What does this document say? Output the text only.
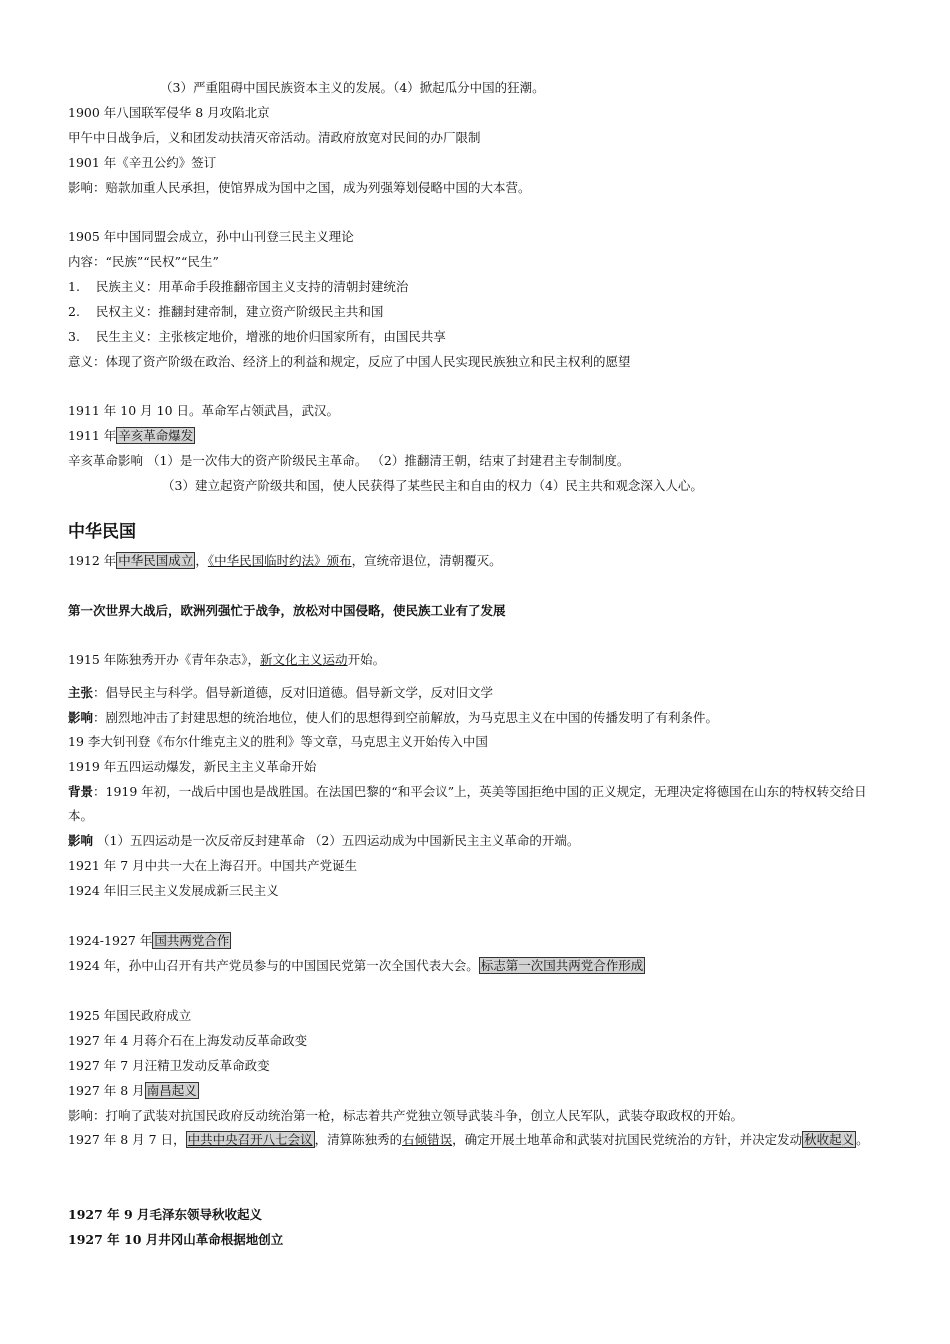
（3）严重阻碍中国民族资本主义的发展。（4）掀起瓜分中国的狂潮。
1900 年八国联军侵华 8 月攻陷北京
甲午中日战争后，义和团发动扶清灭帝活动。清政府放宽对民间的办厂限制
1901 年《辛丑公约》签订
影响：赔款加重人民承担，使馆界成为国中之国，成为列强筹划侵略中国的大本营。
1905 年中国同盟会成立，孙中山刊登三民主义理论
内容：“民族”“民权”“民生”
1.    民族主义：用革命手段推翻帝国主义支持的清朝封建统治
2.    民权主义：推翻封建帝制，建立资产阶级民主共和国
3.    民生主义：主张核定地价，增涨的地价归国家所有，由国民共享
意义：体现了资产阶级在政治、经济上的利益和规定，反应了中国人民实现民族独立和民主权利的愿望
1911 年 10 月 10 日。革命军占领武昌，武汉。
1911 年 辛亥革命爆发
辛亥革命影响 （1）是一次伟大的资产阶级民主革命。 （2）推翻清王朝，结束了封建君主专制制度。
（3）建立起资产阶级共和国，使人民获得了某些民主和自由的权力（4）民主共和观念深入人心。
中华民国
1912 年 中华民国成立 ，《中华民国临时约法》颁布，宣统帝退位，清朝覆灭。
第一次世界大战后，欧洲列强忙于战争，放松对中国侵略，使民族工业有了发展
1915 年陈独秀开办《青年杂志》，新文化主义运动开始。
主张：倡导民主与科学。倡导新道德，反对旧道德。倡导新文学，反对旧文学
影响：剧烈地冲击了封建思想的统治地位，使人们的思想得到空前解放，为马克思主义在中国的传播发明了有利条件。
19 李大钊刊登《布尔什维克主义的胜利》等文章，马克思主义开始传入中国
1919 年五四运动爆发，新民主主义革命开始
背景：1919 年初，一战后中国也是战胜国。在法国巴黎的“和平会议”上，英美等国拒绝中国的正义规定，无理决定将德国在山东的特权转交给日本。
影响 （1）五四运动是一次反帝反封建革命 （2）五四运动成为中国新民主主义革命的开端。
1921 年 7 月中共一大在上海召开。中国共产党诞生
1924 年旧三民主义发展成新三民主义
1924-1927 年 国共两党合作
1924 年，孙中山召开有共产党员参与的中国国民党第一次全国代表大会。 标志第一次国共两党合作形成
1925 年国民政府成立
1927 年 4 月蒋介石在上海发动反革命政变
1927 年 7 月汪精卫发动反革命政变
1927 年 8 月 南昌起义
影响：打响了武装对抗国民政府反动统治第一枪，标志着共产党独立领导武装斗争，创立人民军队，武装夺取政权的开始。
1927 年 8 月 7 日， 中共中央召开八七会议 ，清算陈独秀的右倾错误，确定开展土地革命和武装对抗国民党统治的方针，并决定发动 秋收起义 。
1927 年 9 月毛泽东领导秋收起义
1927 年 10 月井冈山革命根据地创立
